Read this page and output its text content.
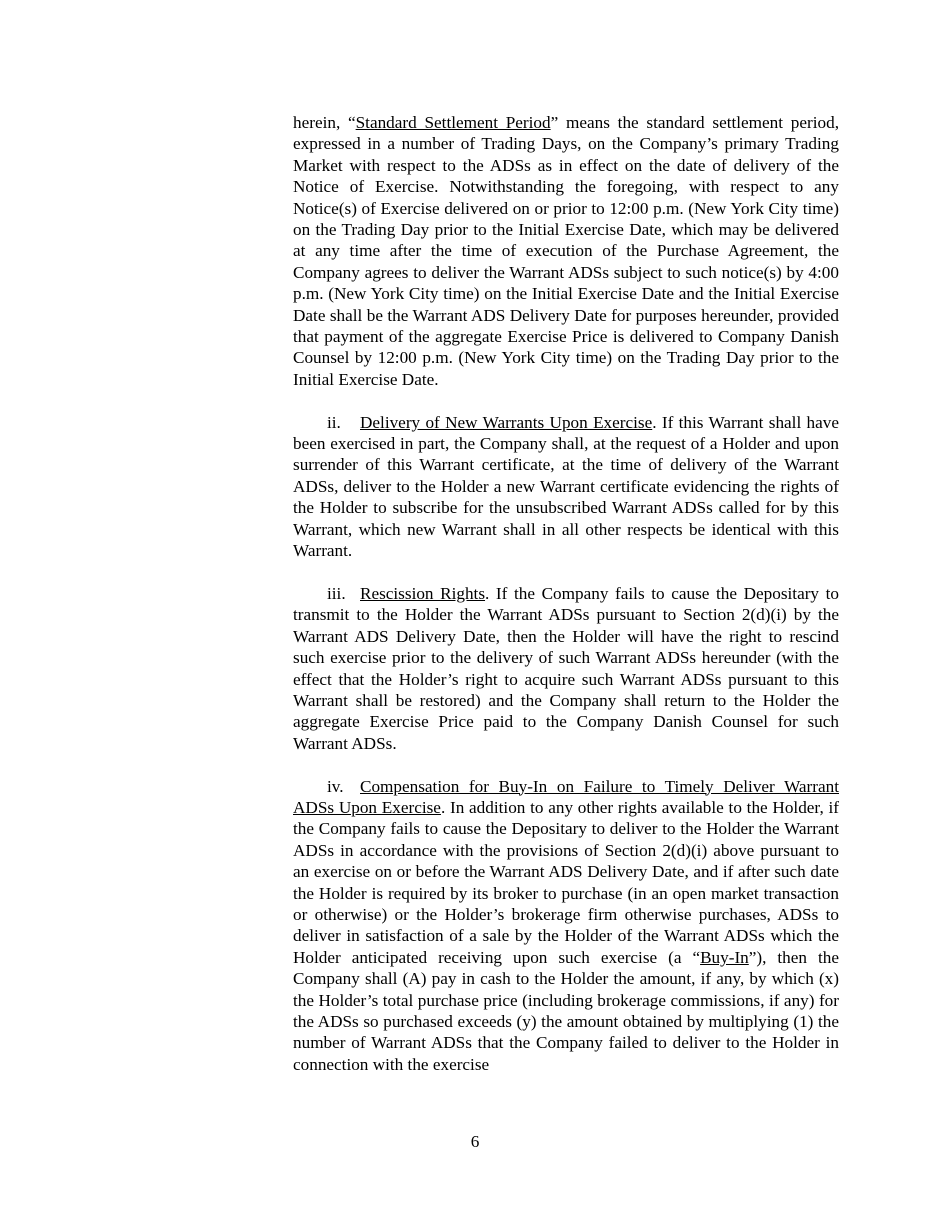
herein, “Standard Settlement Period” means the standard settlement period, expressed in a number of Trading Days, on the Company’s primary Trading Market with respect to the ADSs as in effect on the date of delivery of the Notice of Exercise. Notwithstanding the foregoing, with respect to any Notice(s) of Exercise delivered on or prior to 12:00 p.m. (New York City time) on the Trading Day prior to the Initial Exercise Date, which may be delivered at any time after the time of execution of the Purchase Agreement, the Company agrees to deliver the Warrant ADSs subject to such notice(s) by 4:00 p.m. (New York City time) on the Initial Exercise Date and the Initial Exercise Date shall be the Warrant ADS Delivery Date for purposes hereunder, provided that payment of the aggregate Exercise Price is delivered to Company Danish Counsel by 12:00 p.m. (New York City time) on the Trading Day prior to the Initial Exercise Date.

ii. Delivery of New Warrants Upon Exercise. If this Warrant shall have been exercised in part, the Company shall, at the request of a Holder and upon surrender of this Warrant certificate, at the time of delivery of the Warrant ADSs, deliver to the Holder a new Warrant certificate evidencing the rights of the Holder to subscribe for the unsubscribed Warrant ADSs called for by this Warrant, which new Warrant shall in all other respects be identical with this Warrant.

iii. Rescission Rights. If the Company fails to cause the Depositary to transmit to the Holder the Warrant ADSs pursuant to Section 2(d)(i) by the Warrant ADS Delivery Date, then the Holder will have the right to rescind such exercise prior to the delivery of such Warrant ADSs hereunder (with the effect that the Holder’s right to acquire such Warrant ADSs pursuant to this Warrant shall be restored) and the Company shall return to the Holder the aggregate Exercise Price paid to the Company Danish Counsel for such Warrant ADSs.

iv. Compensation for Buy-In on Failure to Timely Deliver Warrant ADSs Upon Exercise. In addition to any other rights available to the Holder, if the Company fails to cause the Depositary to deliver to the Holder the Warrant ADSs in accordance with the provisions of Section 2(d)(i) above pursuant to an exercise on or before the Warrant ADS Delivery Date, and if after such date the Holder is required by its broker to purchase (in an open market transaction or otherwise) or the Holder’s brokerage firm otherwise purchases, ADSs to deliver in satisfaction of a sale by the Holder of the Warrant ADSs which the Holder anticipated receiving upon such exercise (a “Buy-In”), then the Company shall (A) pay in cash to the Holder the amount, if any, by which (x) the Holder’s total purchase price (including brokerage commissions, if any) for the ADSs so purchased exceeds (y) the amount obtained by multiplying (1) the number of Warrant ADSs that the Company failed to deliver to the Holder in connection with the exercise

6
